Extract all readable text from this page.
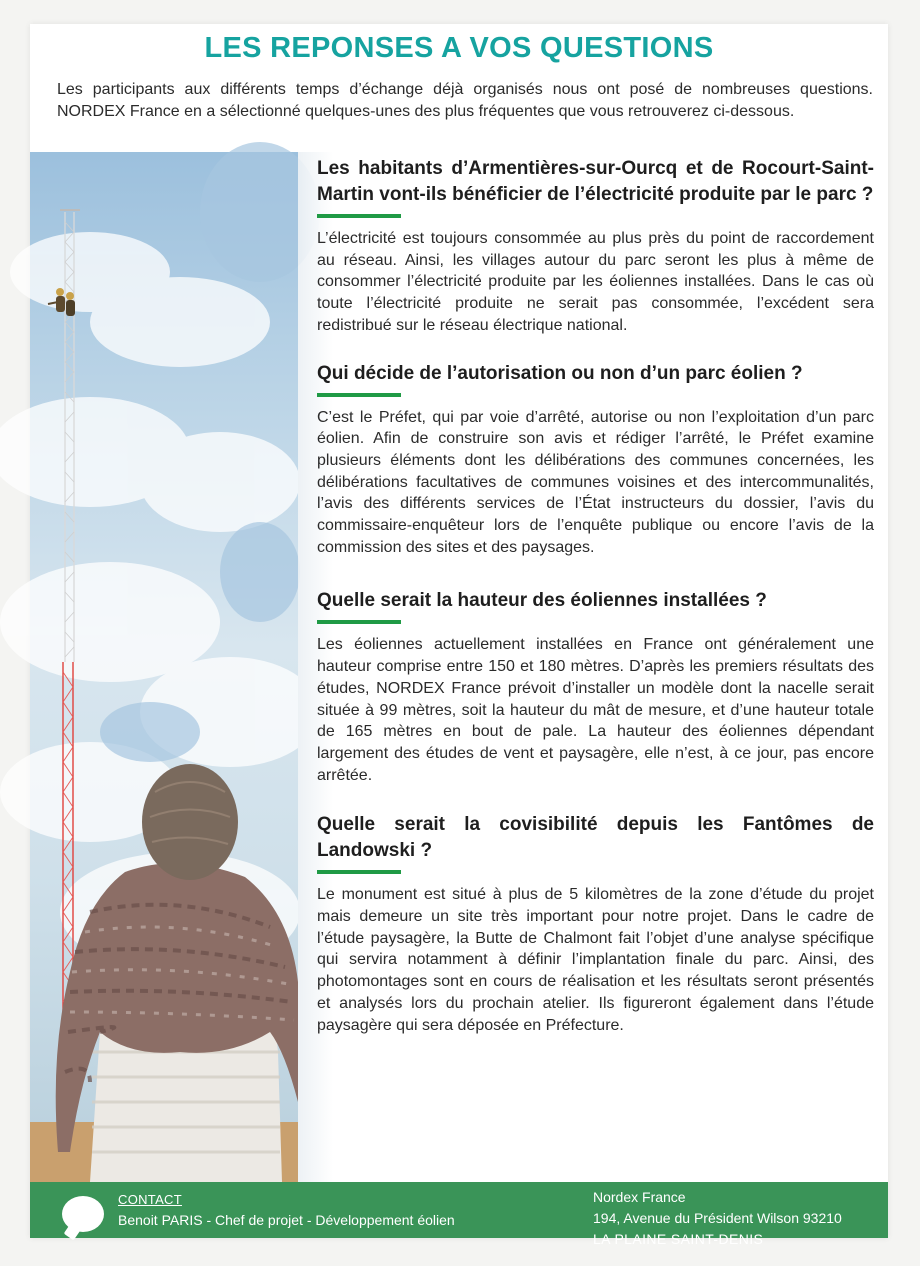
LES REPONSES A VOS QUESTIONS

Les participants aux différents temps d’échange déjà organisés nous ont posé de nombreuses questions. NORDEX France en a sélectionné quelques-unes des plus fréquentes que vous retrouverez ci-dessous.

Les habitants d’Armentières-sur-Ourcq et de Rocourt-Saint-Martin vont-ils bénéficier de l’électricité produite par le parc ?

L’électricité est toujours consommée au plus près du point de raccordement au réseau. Ainsi, les villages autour du parc seront les plus à même de consommer l’électricité produite par les éoliennes installées. Dans le cas où toute l’électricité produite ne serait pas consommée, l’excédent sera redistribué sur le réseau électrique national.

Qui décide de l’autorisation ou non d’un parc éolien ?

C’est le Préfet, qui par voie d’arrêté, autorise ou non l’exploitation d’un parc éolien. Afin de construire son avis et rédiger l’arrêté, le Préfet examine plusieurs éléments dont les délibérations des communes concernées, les délibérations facultatives de communes voisines et des intercommunalités, l’avis des différents services de l’État instructeurs du dossier, l’avis du commissaire-enquêteur lors de l’enquête publique ou encore l’avis de la commission des sites et des paysages.

Quelle serait la hauteur des éoliennes installées ?

Les éoliennes actuellement installées en France ont généralement une hauteur comprise entre 150 et 180 mètres. D’après les premiers résultats des études, NORDEX France prévoit d’installer un modèle dont la nacelle serait située à 99 mètres, soit la hauteur du mât de mesure, et d’une hauteur totale de 165 mètres en bout de pale. La hauteur des éoliennes dépendant largement des études de vent et paysagère, elle n’est, à ce jour, pas encore arrêtée.

Quelle serait la covisibilité depuis les Fantômes de Landowski ?

Le monument est situé à plus de 5 kilomètres de la zone d’étude du projet mais demeure un site très important pour notre projet. Dans le cadre de l’étude paysagère, la Butte de Chalmont fait l’objet d’une analyse spécifique qui servira notamment à définir l’implantation finale du parc. Ainsi, des photomontages sont en cours de réalisation et les résultats seront présentés et analysés lors du prochain atelier. Ils figureront également dans l’étude paysagère qui sera déposée en Préfecture.

CONTACT
Benoit PARIS - Chef de projet - Développement éolien
Nordex France
194, Avenue du Président Wilson 93210
LA PLAINE SAINT-DENIS
